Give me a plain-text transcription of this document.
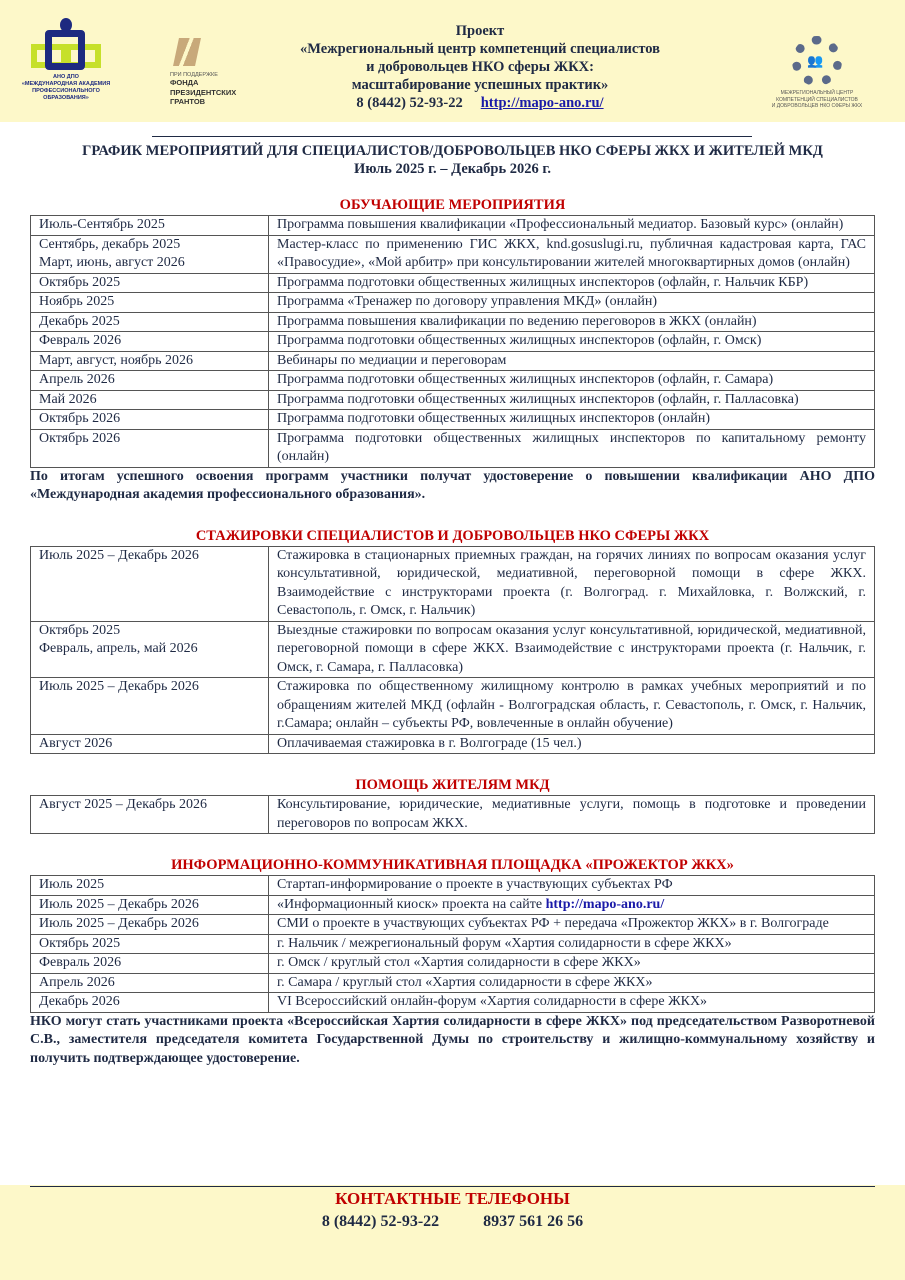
АНО ДПО
«МЕЖДУНАРОДНАЯ АКАДЕМИЯ
ПРОФЕССИОНАЛЬНОГО ОБРАЗОВАНИЯ»
ПРИ ПОДДЕРЖКЕ
ФОНДА
ПРЕЗИДЕНТСКИХ
ГРАНТОВ
Проект
«Межрегиональный центр компетенций специалистов
и добровольцев НКО сферы ЖКХ:
масштабирование успешных практик»
8 (8442) 52-93-22 http://mapo-ano.ru/
👥
МЕЖРЕГИОНАЛЬНЫЙ ЦЕНТР
КОМПЕТЕНЦИЙ СПЕЦИАЛИСТОВ
И ДОБРОВОЛЬЦЕВ НКО СФЕРЫ ЖКХ
ГРАФИК МЕРОПРИЯТИЙ ДЛЯ СПЕЦИАЛИСТОВ/ДОБРОВОЛЬЦЕВ НКО СФЕРЫ ЖКХ И ЖИТЕЛЕЙ МКД
Июль 2025 г. – Декабрь 2026 г.
ОБУЧАЮЩИЕ МЕРОПРИЯТИЯ
Июль-Сентябрь 2025	Программа повышения квалификации «Профессиональный медиатор. Базовый курс» (онлайн)
Сентябрь, декабрь 2025
Март, июнь, август 2026	Мастер-класс по применению ГИС ЖКХ, knd.gosuslugi.ru, публичная кадастровая карта, ГАС «Правосудие», «Мой арбитр» при консультировании жителей многоквартирных домов (онлайн)
Октябрь 2025	Программа подготовки общественных жилищных инспекторов (офлайн, г. Нальчик КБР)
Ноябрь 2025	Программа «Тренажер по договору управления МКД» (онлайн)
Декабрь 2025	Программа повышения квалификации по ведению переговоров в ЖКХ (онлайн)
Февраль 2026	Программа подготовки общественных жилищных инспекторов (офлайн, г. Омск)
Март, август, ноябрь 2026	Вебинары по медиации и переговорам
Апрель 2026	Программа подготовки общественных жилищных инспекторов (офлайн, г. Самара)
Май 2026	Программа подготовки общественных жилищных инспекторов (офлайн, г. Палласовка)
Октябрь 2026	Программа подготовки общественных жилищных инспекторов (онлайн)
Октябрь 2026	Программа подготовки общественных жилищных инспекторов по капитальному ремонту (онлайн)
По итогам успешного освоения программ участники получат удостоверение о повышении квалификации АНО ДПО «Международная академия профессионального образования».
СТАЖИРОВКИ СПЕЦИАЛИСТОВ И ДОБРОВОЛЬЦЕВ НКО СФЕРЫ ЖКХ
Июль 2025 – Декабрь 2026	Стажировка в стационарных приемных граждан, на горячих линиях по вопросам оказания услуг консультативной, юридической, медиативной, переговорной помощи в сфере ЖКХ. Взаимодействие с инструкторами проекта (г. Волгоград. г. Михайловка, г. Волжский, г. Севастополь, г. Омск, г. Нальчик)
Октябрь 2025
Февраль, апрель, май 2026	Выездные стажировки по вопросам оказания услуг консультативной, юридической, медиативной, переговорной помощи в сфере ЖКХ. Взаимодействие с инструкторами проекта (г. Нальчик, г. Омск, г. Самара, г. Палласовка)
Июль 2025 – Декабрь 2026	Стажировка по общественному жилищному контролю в рамках учебных мероприятий и по обращениям жителей МКД (офлайн - Волгоградская область, г. Севастополь, г. Омск, г. Нальчик, г.Самара; онлайн – субъекты РФ, вовлеченные в онлайн обучение)
Август 2026	Оплачиваемая стажировка в г. Волгограде (15 чел.)
ПОМОЩЬ ЖИТЕЛЯМ МКД
Август 2025 – Декабрь 2026	Консультирование, юридические, медиативные услуги, помощь в подготовке и проведении переговоров по вопросам ЖКХ.
ИНФОРМАЦИОННО-КОММУНИКАТИВНАЯ ПЛОЩАДКА «ПРОЖЕКТОР ЖКХ»
Июль 2025	Стартап-информирование о проекте в участвующих субъектах РФ
Июль 2025 – Декабрь 2026	«Информационный киоск» проекта на сайте http://mapo-ano.ru/
Июль 2025 – Декабрь 2026	СМИ о проекте в участвующих субъектах РФ + передача «Прожектор ЖКХ» в г. Волгограде
Октябрь 2025	г. Нальчик / межрегиональный форум «Хартия солидарности в сфере ЖКХ»
Февраль 2026	г. Омск / круглый стол «Хартия солидарности в сфере ЖКХ»
Апрель 2026	г. Самара / круглый стол «Хартия солидарности в сфере ЖКХ»
Декабрь 2026	VI Всероссийский онлайн-форум «Хартия солидарности в сфере ЖКХ»
НКО могут стать участниками проекта «Всероссийская Хартия солидарности в сфере ЖКХ» под председательством Разворотневой С.В., заместителя председателя комитета Государственной Думы по строительству и жилищно-коммунальному хозяйству и получить подтверждающее удостоверение.
КОНТАКТНЫЕ ТЕЛЕФОНЫ
8 (8442) 52-93-22	8937 561 26 56
